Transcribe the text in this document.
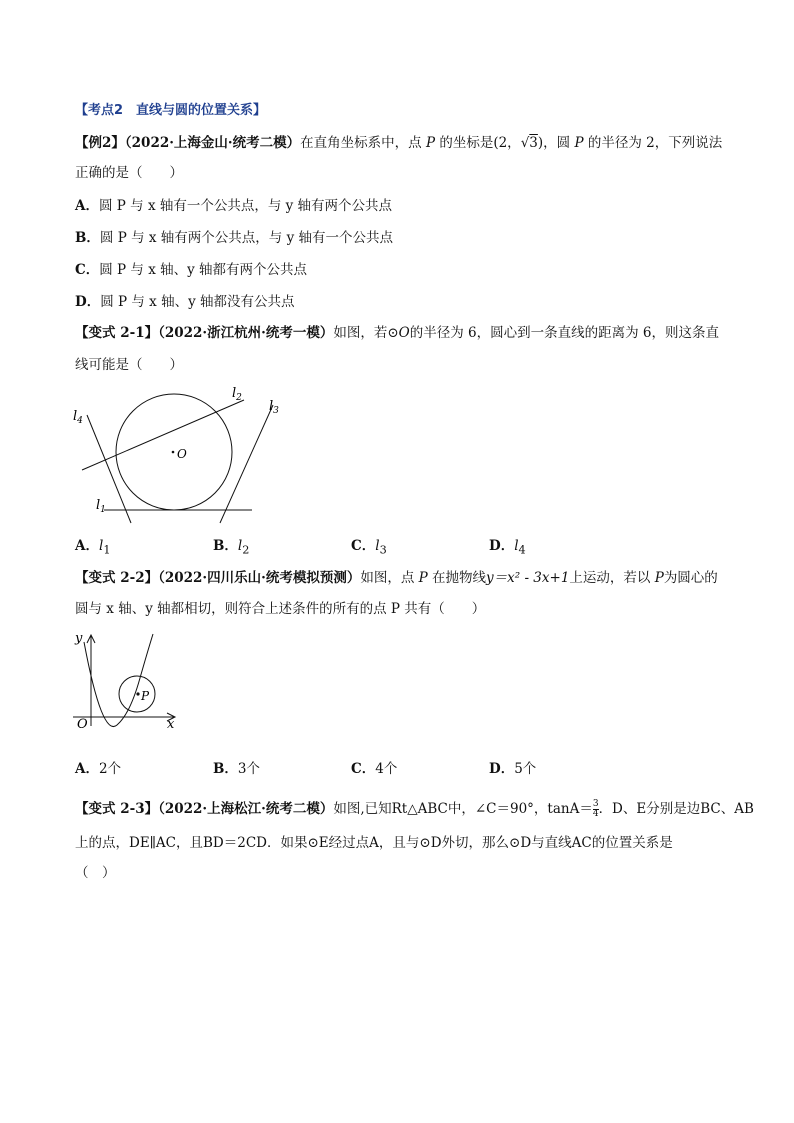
【考点2　直线与圆的位置关系】
【例2】（2022·上海金山·统考二模）在直角坐标系中，点 P 的坐标是(2，√3)，圆 P 的半径为 2，下列说法
正确的是（　　）
A．圆 P 与 x 轴有一个公共点，与 y 轴有两个公共点
B．圆 P 与 x 轴有两个公共点，与 y 轴有一个公共点
C．圆 P 与 x 轴、y 轴都有两个公共点
D．圆 P 与 x 轴、y 轴都没有公共点
【变式 2-1】（2022·浙江杭州·统考一模）如图，若⊙O的半径为 6，圆心到一条直线的距离为 6，则这条直
线可能是（　　）
O
$l_1$
$l_2$
$l_3$
$l_4$
A．$l_1$	B．$l_2$	C．$l_3$	D．$l_4$
【变式 2-2】（2022·四川乐山·统考模拟预测）如图，点 P 在抛物线y＝x² - 3x+1上运动，若以 P为圆心的
圆与 x 轴、y 轴都相切，则符合上述条件的所有的点 P 共有（　　）
y
x
O
P
A．2个	B．3个	C．4个	D．5个
【变式 2-3】（2022·上海松江·统考二模）如图,已知Rt△ABC中，∠C＝90°，$\tan A= \frac{3}{4}$ ．D、E分别是边BC、AB
上的点，DE∥AC，且BD＝2CD．如果⊙E经过点A，且与⊙D外切，那么⊙D与直线AC的位置关系是
（　）
